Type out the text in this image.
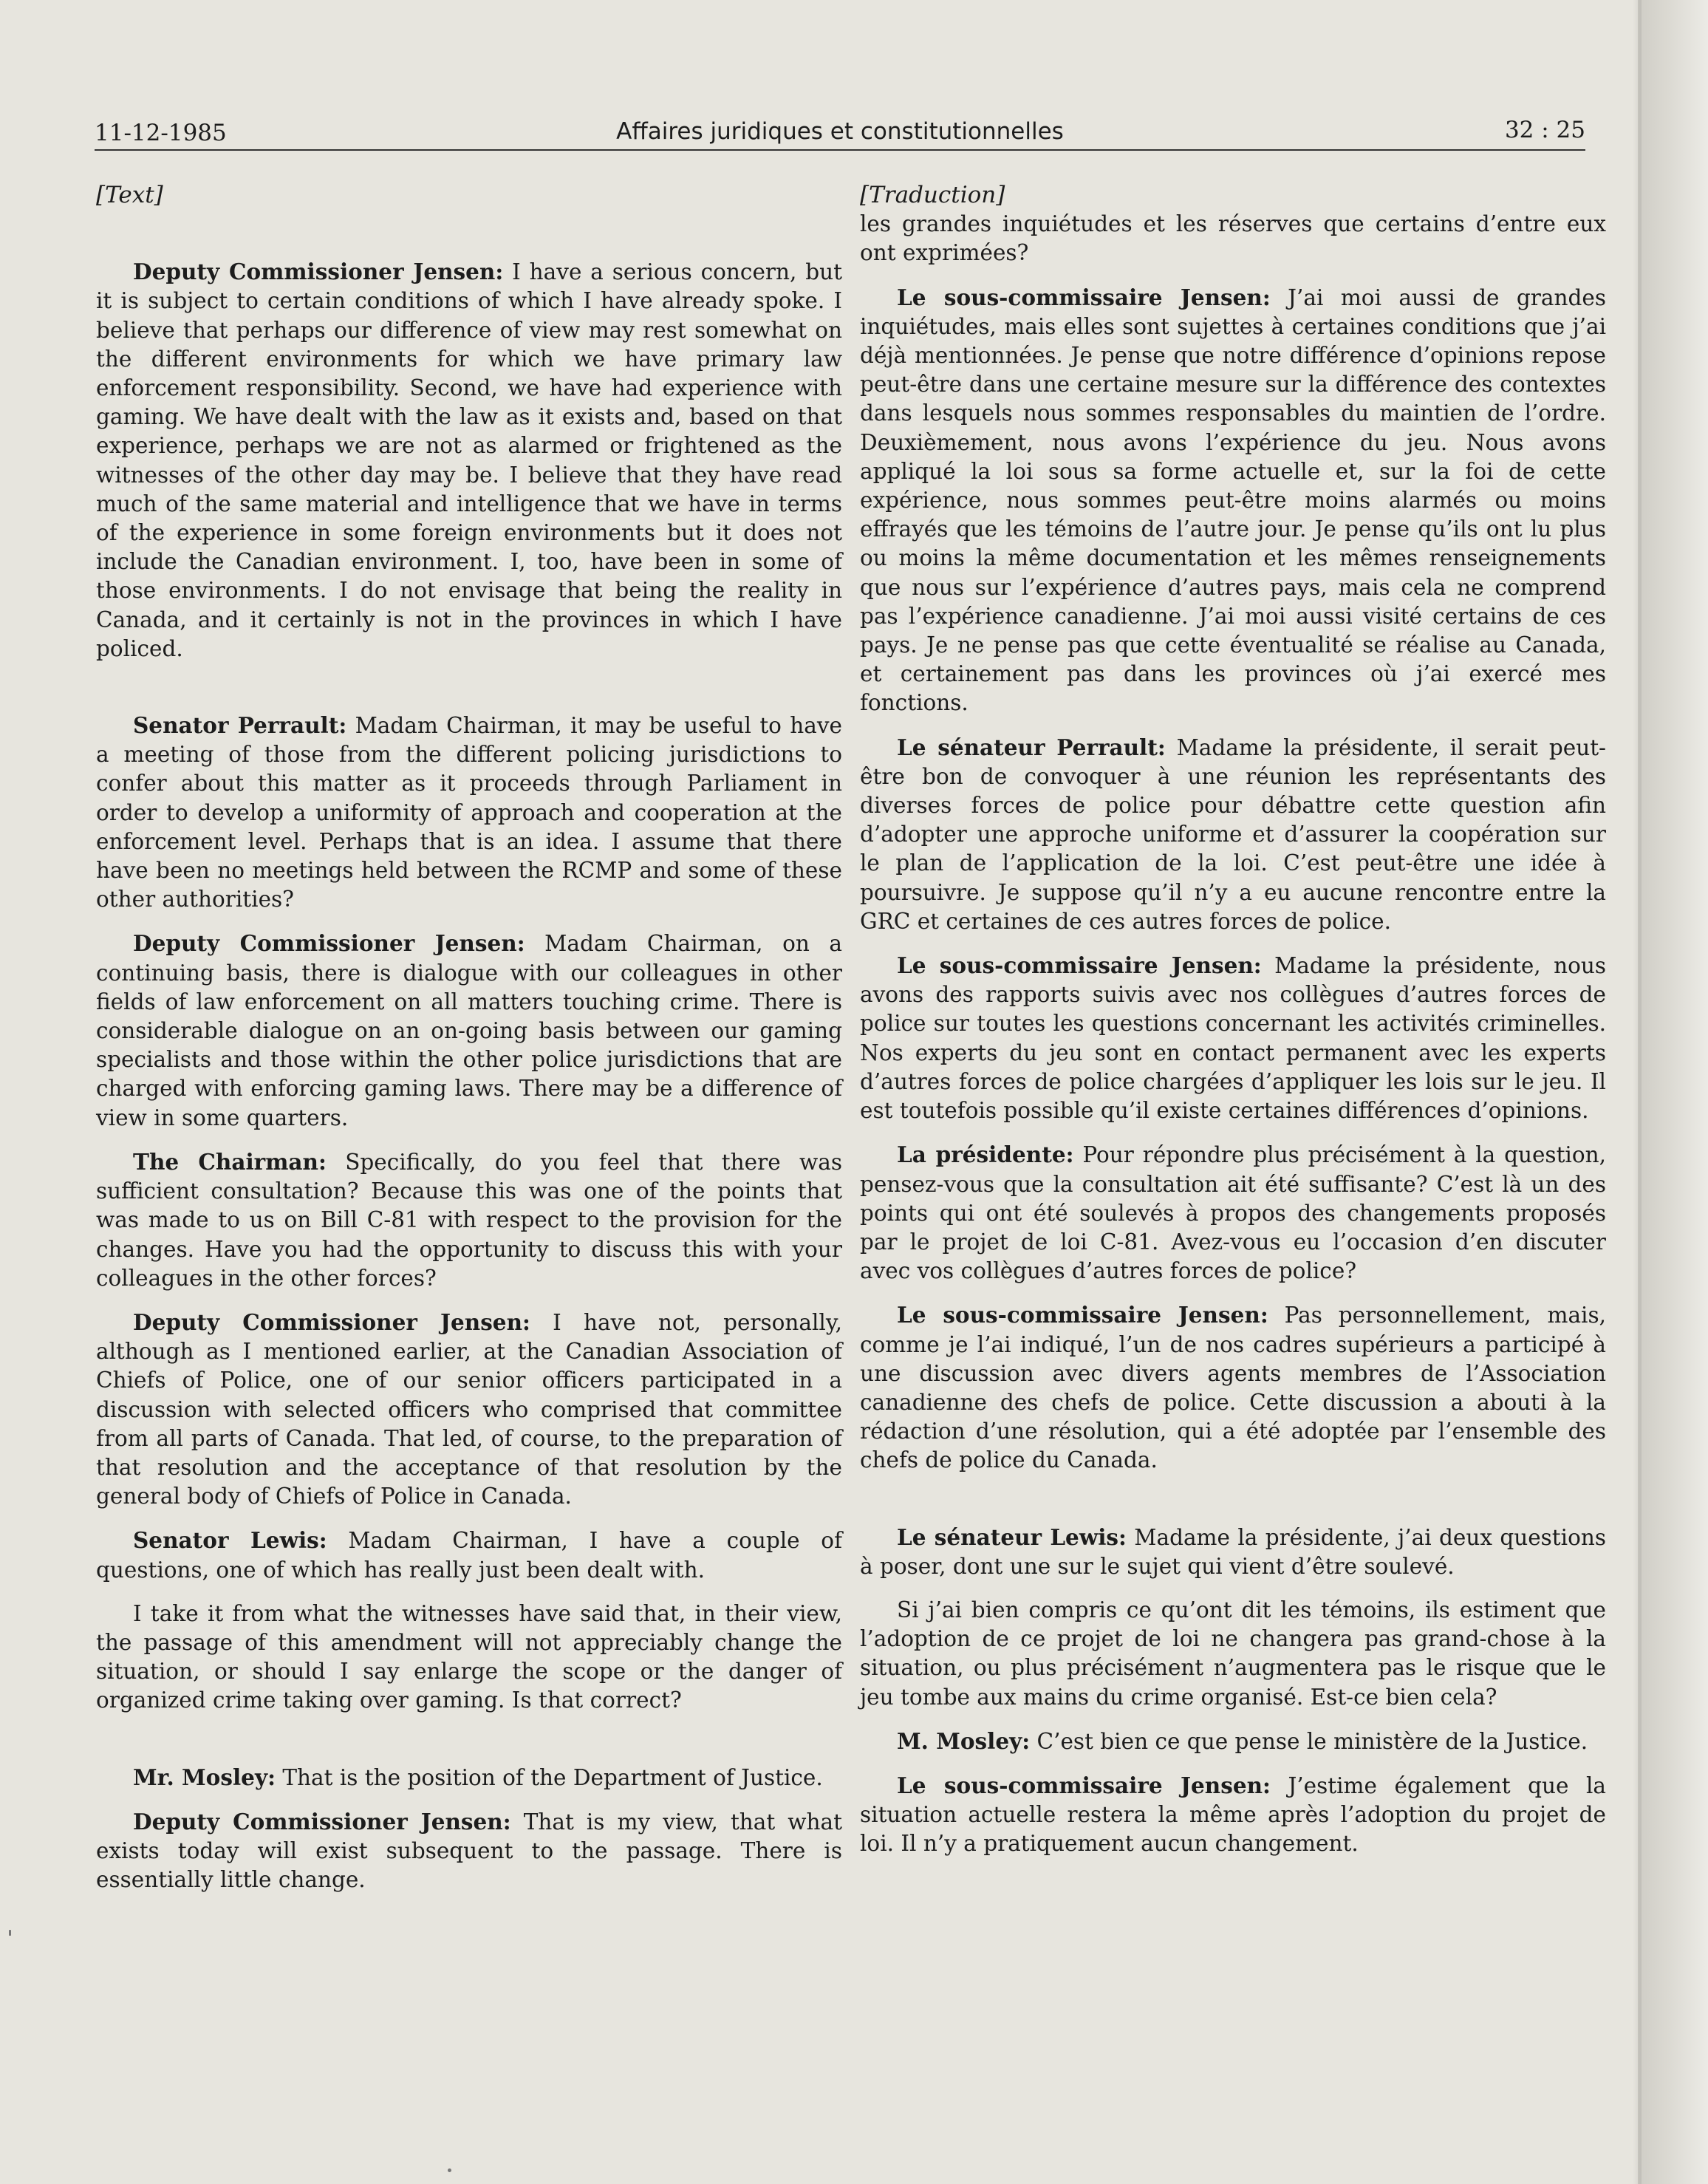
11-12-1985	Affaires juridiques et constitutionnelles	32 : 25

[Text]

Deputy Commissioner Jensen: I have a serious concern, but it is subject to certain conditions of which I have already spoke. I believe that perhaps our difference of view may rest somewhat on the different environments for which we have primary law enforcement responsibility. Second, we have had experience with gaming. We have dealt with the law as it exists and, based on that experience, perhaps we are not as alarmed or frightened as the witnesses of the other day may be. I believe that they have read much of the same material and intelligence that we have in terms of the experience in some foreign environments but it does not include the Canadian environment. I, too, have been in some of those environments. I do not envisage that being the reality in Canada, and it certainly is not in the provinces in which I have policed.

Senator Perrault: Madam Chairman, it may be useful to have a meeting of those from the different policing jurisdictions to confer about this matter as it proceeds through Parliament in order to develop a uniformity of approach and cooperation at the enforcement level. Perhaps that is an idea. I assume that there have been no meetings held between the RCMP and some of these other authorities?

Deputy Commissioner Jensen: Madam Chairman, on a continuing basis, there is dialogue with our colleagues in other fields of law enforcement on all matters touching crime. There is considerable dialogue on an on-going basis between our gaming specialists and those within the other police jurisdictions that are charged with enforcing gaming laws. There may be a difference of view in some quarters.

The Chairman: Specifically, do you feel that there was sufficient consultation? Because this was one of the points that was made to us on Bill C-81 with respect to the provision for the changes. Have you had the opportunity to discuss this with your colleagues in the other forces?

Deputy Commissioner Jensen: I have not, personally, although as I mentioned earlier, at the Canadian Association of Chiefs of Police, one of our senior officers participated in a discussion with selected officers who comprised that committee from all parts of Canada. That led, of course, to the preparation of that resolution and the acceptance of that resolution by the general body of Chiefs of Police in Canada.

Senator Lewis: Madam Chairman, I have a couple of questions, one of which has really just been dealt with.

I take it from what the witnesses have said that, in their view, the passage of this amendment will not appreciably change the situation, or should I say enlarge the scope or the danger of organized crime taking over gaming. Is that correct?

Mr. Mosley: That is the position of the Department of Justice.

Deputy Commissioner Jensen: That is my view, that what exists today will exist subsequent to the passage. There is essentially little change.

[Traduction]

les grandes inquiétudes et les réserves que certains d’entre eux ont exprimées?

Le sous-commissaire Jensen: J’ai moi aussi de grandes inquiétudes, mais elles sont sujettes à certaines conditions que j’ai déjà mentionnées. Je pense que notre différence d’opinions repose peut-être dans une certaine mesure sur la différence des contextes dans lesquels nous sommes responsables du maintien de l’ordre. Deuxièmement, nous avons l’expérience du jeu. Nous avons appliqué la loi sous sa forme actuelle et, sur la foi de cette expérience, nous sommes peut-être moins alarmés ou moins effrayés que les témoins de l’autre jour. Je pense qu’ils ont lu plus ou moins la même documentation et les mêmes renseignements que nous sur l’expérience d’autres pays, mais cela ne comprend pas l’expérience canadienne. J’ai moi aussi visité certains de ces pays. Je ne pense pas que cette éventualité se réalise au Canada, et certainement pas dans les provinces où j’ai exercé mes fonctions.

Le sénateur Perrault: Madame la présidente, il serait peut-être bon de convoquer à une réunion les représentants des diverses forces de police pour débattre cette question afin d’adopter une approche uniforme et d’assurer la coopération sur le plan de l’application de la loi. C’est peut-être une idée à poursuivre. Je suppose qu’il n’y a eu aucune rencontre entre la GRC et certaines de ces autres forces de police.

Le sous-commissaire Jensen: Madame la présidente, nous avons des rapports suivis avec nos collègues d’autres forces de police sur toutes les questions concernant les activités criminelles. Nos experts du jeu sont en contact permanent avec les experts d’autres forces de police chargées d’appliquer les lois sur le jeu. Il est toutefois possible qu’il existe certaines différences d’opinions.

La présidente: Pour répondre plus précisément à la question, pensez-vous que la consultation ait été suffisante? C’est là un des points qui ont été soulevés à propos des changements proposés par le projet de loi C-81. Avez-vous eu l’occasion d’en discuter avec vos collègues d’autres forces de police?

Le sous-commissaire Jensen: Pas personnellement, mais, comme je l’ai indiqué, l’un de nos cadres supérieurs a participé à une discussion avec divers agents membres de l’Association canadienne des chefs de police. Cette discussion a abouti à la rédaction d’une résolution, qui a été adoptée par l’ensemble des chefs de police du Canada.

Le sénateur Lewis: Madame la présidente, j’ai deux questions à poser, dont une sur le sujet qui vient d’être soulevé.

Si j’ai bien compris ce qu’ont dit les témoins, ils estiment que l’adoption de ce projet de loi ne changera pas grand-chose à la situation, ou plus précisément n’augmentera pas le risque que le jeu tombe aux mains du crime organisé. Est-ce bien cela?

M. Mosley: C’est bien ce que pense le ministère de la Justice.

Le sous-commissaire Jensen: J’estime également que la situation actuelle restera la même après l’adoption du projet de loi. Il n’y a pratiquement aucun changement.
